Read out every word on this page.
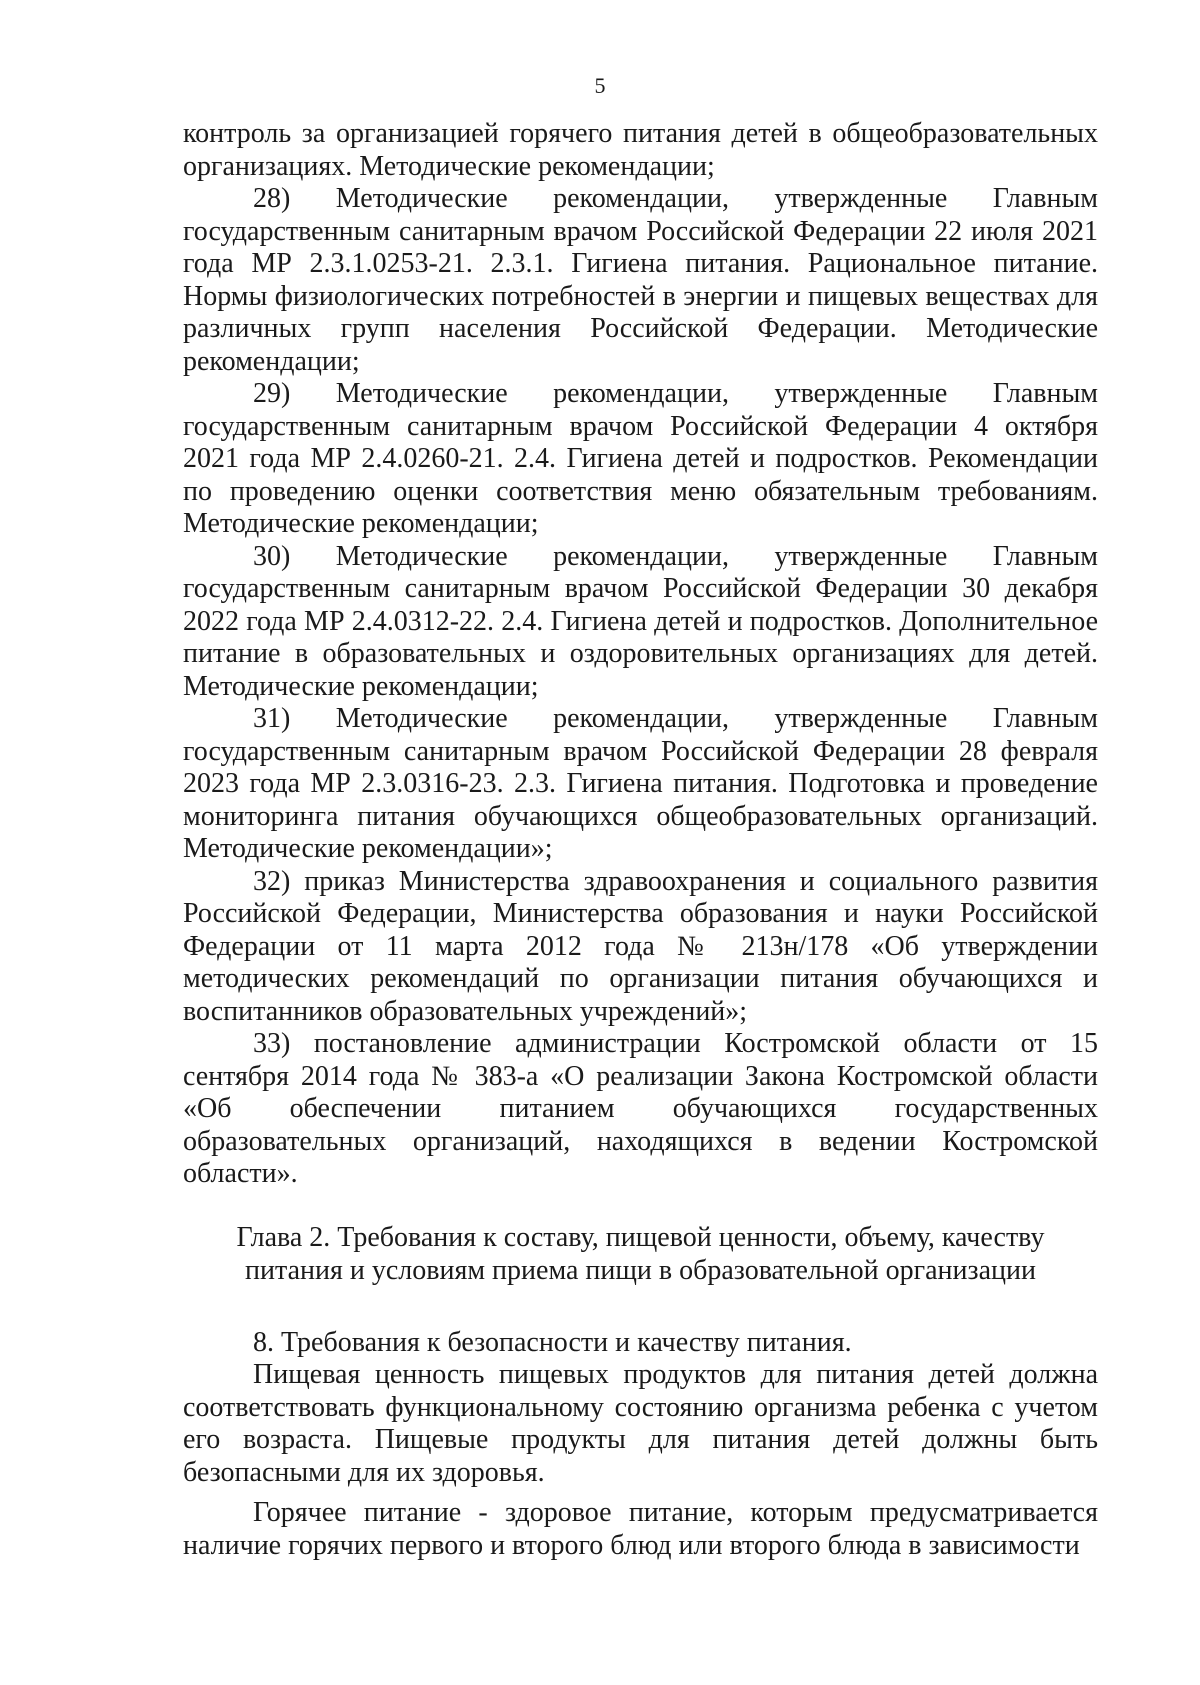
5

контроль за организацией горячего питания детей в общеобразовательных организациях. Методические рекомендации;

28) Методические рекомендации, утвержденные Главным государственным санитарным врачом Российской Федерации 22 июля 2021 года МР 2.3.1.0253-21. 2.3.1. Гигиена питания. Рациональное питание. Нормы физиологических потребностей в энергии и пищевых веществах для различных групп населения Российской Федерации. Методические рекомендации;

29) Методические рекомендации, утвержденные Главным государственным санитарным врачом Российской Федерации 4 октября 2021 года МР 2.4.0260-21. 2.4. Гигиена детей и подростков. Рекомендации по проведению оценки соответствия меню обязательным требованиям. Методические рекомендации;

30) Методические рекомендации, утвержденные Главным государственным санитарным врачом Российской Федерации 30 декабря 2022 года МР 2.4.0312-22. 2.4. Гигиена детей и подростков. Дополнительное питание в образовательных и оздоровительных организациях для детей. Методические рекомендации;

31) Методические рекомендации, утвержденные Главным государственным санитарным врачом Российской Федерации 28 февраля 2023 года МР 2.3.0316-23. 2.3. Гигиена питания. Подготовка и проведение мониторинга питания обучающихся общеобразовательных организаций. Методические рекомендации»;

32) приказ Министерства здравоохранения и социального развития Российской Федерации, Министерства образования и науки Российской Федерации от 11 марта 2012 года № 213н/178 «Об утверждении методических рекомендаций по организации питания обучающихся и воспитанников образовательных учреждений»;

33) постановление администрации Костромской области от 15 сентября 2014 года № 383-а «О реализации Закона Костромской области «Об обеспечении питанием обучающихся государственных образовательных организаций, находящихся в ведении Костромской области».

Глава 2. Требования к составу, пищевой ценности, объему, качеству питания и условиям приема пищи в образовательной организации

8. Требования к безопасности и качеству питания.

Пищевая ценность пищевых продуктов для питания детей должна соответствовать функциональному состоянию организма ребенка с учетом его возраста. Пищевые продукты для питания детей должны быть безопасными для их здоровья.

Горячее питание - здоровое питание, которым предусматривается наличие горячих первого и второго блюд или второго блюда в зависимости
